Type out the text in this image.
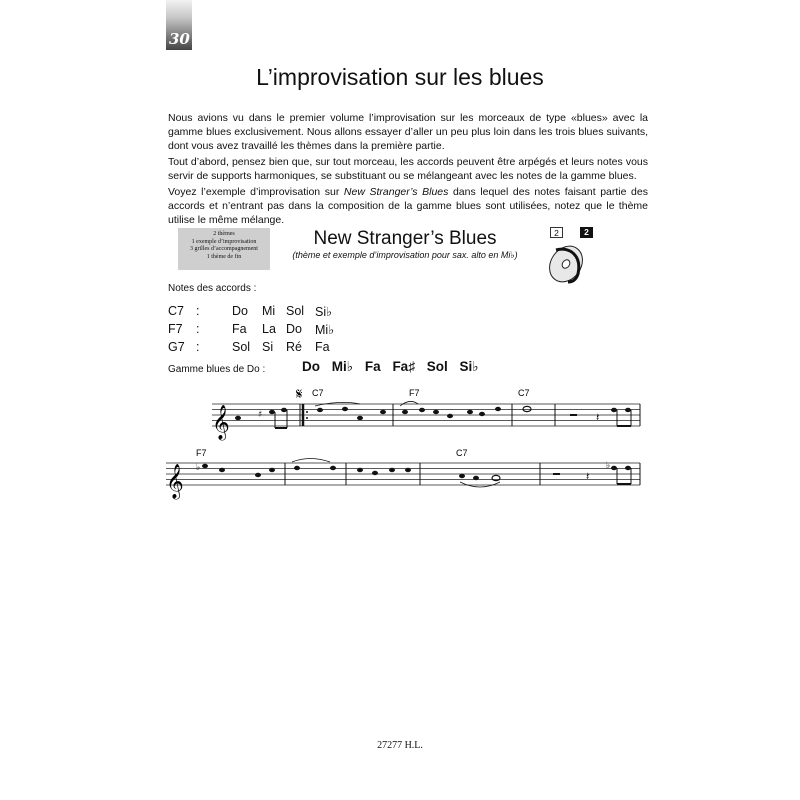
30
L’improvisation sur les blues

Nous avions vu dans le premier volume l’improvisation sur les morceaux de type «blues» avec la gamme blues exclusivement. Nous allons essayer d’aller un peu plus loin dans les trois blues suivants, dont vous avez travaillé les thèmes dans la première partie.

Tout d’abord, pensez bien que, sur tout morceau, les accords peuvent être arpégés et leurs notes vous servir de supports harmoniques, se substituant ou se mélangeant avec les notes de la gamme blues.

Voyez l’exemple d’improvisation sur New Stranger’s Blues dans lequel des notes faisant partie des accords et n’entrant pas dans la composition de la gamme blues sont utilisées, notez que le thème utilise le même mélange.

2 thèmes
1 exemple d’improvisation
3 grilles d’accompagnement
1 thème de fin
New Stranger’s Blues
(thème et exemple d’improvisation pour sax. alto en Mi♭)
2	2
Notes des accords :
C7 :	Do Mi Sol Si♭
F7 :	Fa La Do Mi♭
G7 :	Sol Si Ré Fa
Gamme blues de Do :	Do Mi♭ Fa Fa♯ Sol Si♭
𝄞
𝄞
𝄋 C7	F7	C7
F7	C7
♯	𝄽
♭
𝄽
♭
27277 H.L.
